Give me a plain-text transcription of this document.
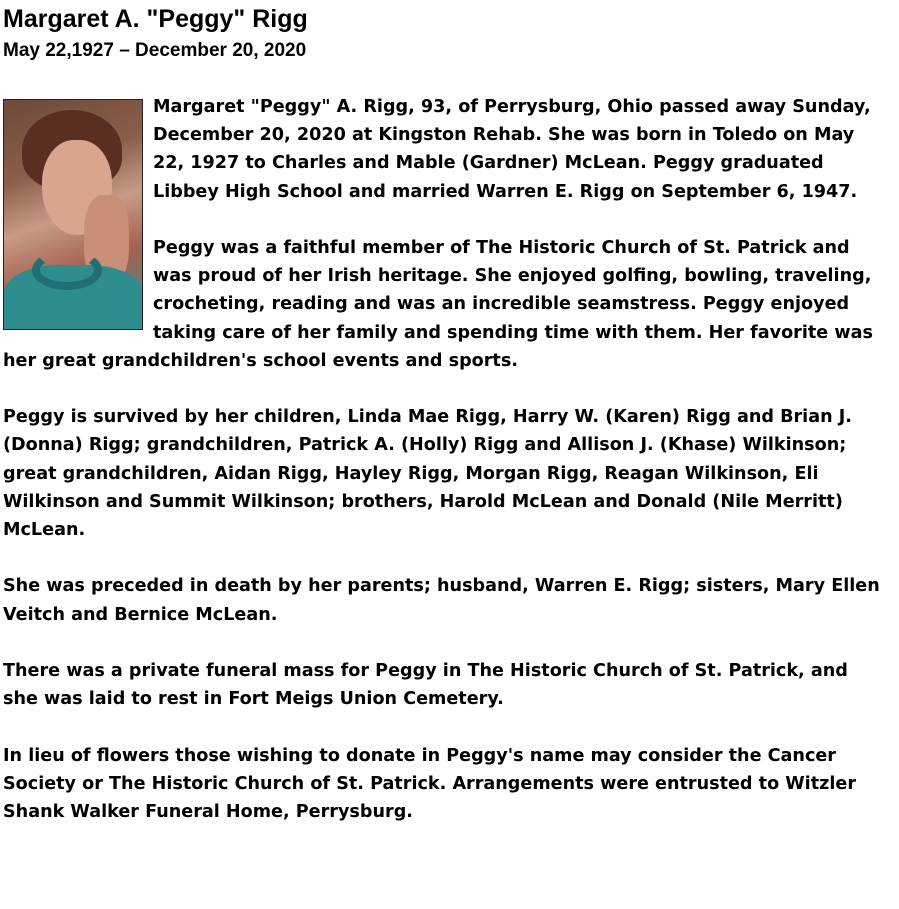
Margaret A. "Peggy" Rigg
May 22,1927 – December 20, 2020

Margaret "Peggy" A. Rigg, 93, of Perrysburg, Ohio passed away Sunday, December 20, 2020 at Kingston Rehab. She was born in Toledo on May 22, 1927 to Charles and Mable (Gardner) McLean. Peggy graduated Libbey High School and married Warren E. Rigg on September 6, 1947.

Peggy was a faithful member of The Historic Church of St. Patrick and was proud of her Irish heritage. She enjoyed golfing, bowling, traveling, crocheting, reading and was an incredible seamstress. Peggy enjoyed taking care of her family and spending time with them. Her favorite was her great grandchildren's school events and sports.

Peggy is survived by her children, Linda Mae Rigg, Harry W. (Karen) Rigg and Brian J. (Donna) Rigg; grandchildren, Patrick A. (Holly) Rigg and Allison J. (Khase) Wilkinson; great grandchildren, Aidan Rigg, Hayley Rigg, Morgan Rigg, Reagan Wilkinson, Eli Wilkinson and Summit Wilkinson; brothers, Harold McLean and Donald (Nile Merritt) McLean.

She was preceded in death by her parents; husband, Warren E. Rigg; sisters, Mary Ellen Veitch and Bernice McLean.

There was a private funeral mass for Peggy in The Historic Church of St. Patrick, and she was laid to rest in Fort Meigs Union Cemetery.

In lieu of flowers those wishing to donate in Peggy's name may consider the Cancer Society or The Historic Church of St. Patrick. Arrangements were entrusted to Witzler Shank Walker Funeral Home, Perrysburg.
